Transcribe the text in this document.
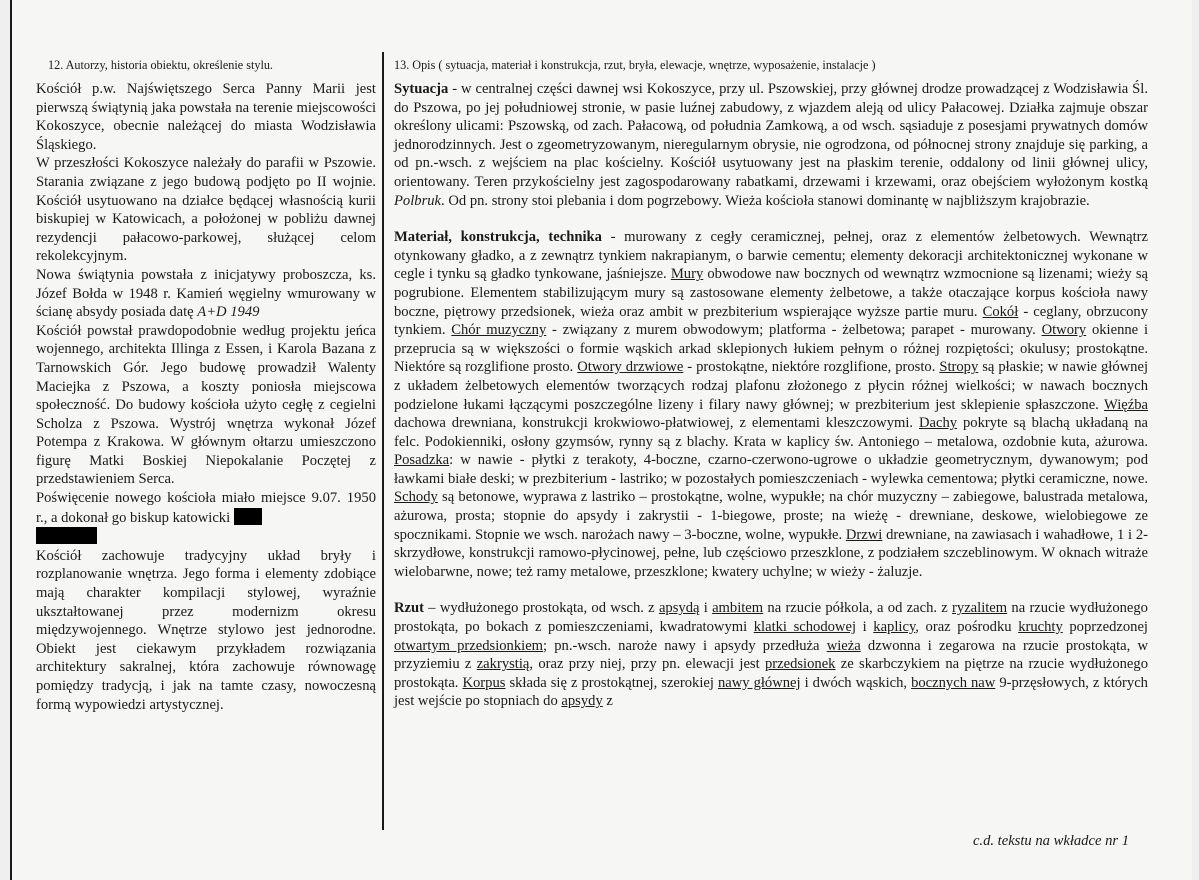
12. Autorzy, historia obiektu, określenie stylu.

Kościół p.w. Najświętszego Serca Panny Marii jest pierwszą świątynią jaka powstała na terenie miejscowości Kokoszyce, obecnie należącej do miasta Wodzisławia Śląskiego.

W przeszłości Kokoszyce należały do parafii w Pszowie. Starania związane z jego budową podjęto po II wojnie. Kościół usytuowano na działce będącej własnością kurii biskupiej w Katowicach, a położonej w pobliżu dawnej rezydencji pałacowo-parkowej, służącej celom rekolekcyjnym.

Nowa świątynia powstała z inicjatywy proboszcza, ks. Józef Bołda w 1948 r. Kamień węgielny wmurowany w ścianę absydy posiada datę A+D 1949

Kościół powstał prawdopodobnie według projektu jeńca wojennego, architekta Illinga z Essen, i Karola Bazana z Tarnowskich Gór. Jego budowę prowadził Walenty Maciejka z Pszowa, a koszty poniosła miejscowa społeczność. Do budowy kościoła użyto cegłę z cegielni Scholza z Pszowa. Wystrój wnętrza wykonał Józef Potempa z Krakowa. W głównym ołtarzu umieszczono figurę Matki Boskiej Niepokalanie Poczętej z przedstawieniem Serca.

Poświęcenie nowego kościoła miało miejsce 9.07. 1950 r., a dokonał go biskup katowicki

Kościół zachowuje tradycyjny układ bryły i rozplanowanie wnętrza. Jego forma i elementy zdobiące mają charakter kompilacji stylowej, wyraźnie ukształtowanej przez modernizm okresu międzywojennego. Wnętrze stylowo jest jednorodne. Obiekt jest ciekawym przykładem rozwiązania architektury sakralnej, która zachowuje równowagę pomiędzy tradycją, i jak na tamte czasy, nowoczesną formą wypowiedzi artystycznej.

13. Opis ( sytuacja, materiał i konstrukcja, rzut, bryła, elewacje, wnętrze, wyposażenie, instalacje )

Sytuacja - w centralnej części dawnej wsi Kokoszyce, przy ul. Pszowskiej, przy głównej drodze prowadzącej z Wodzisławia Śl. do Pszowa, po jej południowej stronie, w pasie luźnej zabudowy, z wjazdem aleją od ulicy Pałacowej. Działka zajmuje obszar określony ulicami: Pszowską, od zach. Pałacową, od południa Zamkową, a od wsch. sąsiaduje z posesjami prywatnych domów jednorodzinnych. Jest o zgeometryzowanym, nieregularnym obrysie, nie ogrodzona, od północnej strony znajduje się parking, a od pn.-wsch. z wejściem na plac kościelny. Kościół usytuowany jest na płaskim terenie, oddalony od linii głównej ulicy, orientowany. Teren przykościelny jest zagospodarowany rabatkami, drzewami i krzewami, oraz obejściem wyłożonym kostką Polbruk. Od pn. strony stoi plebania i dom pogrzebowy. Wieża kościoła stanowi dominantę w najbliższym krajobrazie.

Materiał, konstrukcja, technika - murowany z cegły ceramicznej, pełnej, oraz z elementów żelbetowych. Wewnątrz otynkowany gładko, a z zewnątrz tynkiem nakrapianym, o barwie cementu; elementy dekoracji architektonicznej wykonane w cegle i tynku są gładko tynkowane, jaśniejsze. Mury obwodowe naw bocznych od wewnątrz wzmocnione są lizenami; wieży są pogrubione. Elementem stabilizującym mury są zastosowane elementy żelbetowe, a także otaczające korpus kościoła nawy boczne, piętrowy przedsionek, wieża oraz ambit w prezbiterium wspierające wyższe partie muru. Cokół - ceglany, obrzucony tynkiem. Chór muzyczny - związany z murem obwodowym; platforma - żelbetowa; parapet - murowany. Otwory okienne i przeprucia są w większości o formie wąskich arkad sklepionych łukiem pełnym o różnej rozpiętości; okulusy; prostokątne. Niektóre są rozglifione prosto. Otwory drzwiowe - prostokątne, niektóre rozglifione, prosto. Stropy są płaskie; w nawie głównej z układem żelbetowych elementów tworzących rodzaj plafonu złożonego z płycin różnej wielkości; w nawach bocznych podzielone łukami łączącymi poszczególne lizeny i filary nawy głównej; w prezbiterium jest sklepienie spłaszczone. Więźba dachowa drewniana, konstrukcji krokwiowo-płatwiowej, z elementami kleszczowymi. Dachy pokryte są blachą układaną na felc. Podokienniki, osłony gzymsów, rynny są z blachy. Krata w kaplicy św. Antoniego – metalowa, ozdobnie kuta, ażurowa. Posadzka: w nawie - płytki z terakoty, 4-boczne, czarno-czerwono-ugrowe o układzie geometrycznym, dywanowym; pod ławkami białe deski; w prezbiterium - lastriko; w pozostałych pomieszczeniach - wylewka cementowa; płytki ceramiczne, nowe. Schody są betonowe, wyprawa z lastriko – prostokątne, wolne, wypukłe; na chór muzyczny – zabiegowe, balustrada metalowa, ażurowa, prosta; stopnie do apsydy i zakrystii - 1-biegowe, proste; na wieżę - drewniane, deskowe, wielobiegowe ze spocznikami. Stopnie we wsch. narożach nawy – 3-boczne, wolne, wypukłe. Drzwi drewniane, na zawiasach i wahadłowe, 1 i 2-skrzydłowe, konstrukcji ramowo-płycinowej, pełne, lub częściowo przeszklone, z podziałem szczeblinowym. W oknach witraże wielobarwne, nowe; też ramy metalowe, przeszklone; kwatery uchylne; w wieży - żaluzje.

Rzut – wydłużonego prostokąta, od wsch. z apsydą i ambitem na rzucie półkola, a od zach. z ryzalitem na rzucie wydłużonego prostokąta, po bokach z pomieszczeniami, kwadratowymi klatki schodowej i kaplicy, oraz pośrodku kruchty poprzedzonej otwartym przedsionkiem; pn.-wsch. naroże nawy i apsydy przedłuża wieża dzwonna i zegarowa na rzucie prostokąta, w przyziemiu z zakrystią, oraz przy niej, przy pn. elewacji jest przedsionek ze skarbczykiem na piętrze na rzucie wydłużonego prostokąta. Korpus składa się z prostokątnej, szerokiej nawy głównej i dwóch wąskich, bocznych naw 9-przęsłowych, z których jest wejście po stopniach do apsydy z

c.d. tekstu na wkładce nr 1
